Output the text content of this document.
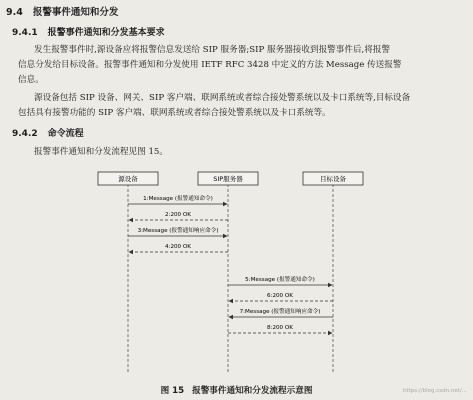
9.4 报警事件通知和分发
9.4.1 报警事件通知和分发基本要求
发生报警事件时,源设备应将报警信息发送给 SIP 服务器;SIP 服务器接收到报警事件后,将报警
信息分发给目标设备。报警事件通知和分发使用 IETF RFC 3428 中定义的方法 Message 传送报警
信息。
源设备包括 SIP 设备、网关、SIP 客户端、联网系统或者综合接处警系统以及卡口系统等,目标设备
包括具有接警功能的 SIP 客户端、联网系统或者综合接处警系统以及卡口系统等。
9.4.2 命令流程
报警事件通知和分发流程见图 15。
源设备	SIP服务器	目标设备
1:Message (报警通知命令)
2:200 OK
3:Message (报警通知响应命令)
4:200 OK
5:Message (报警通知命令)
6:200 OK
7:Message (报警通知响应命令)
8:200 OK
图 15 报警事件通知和分发流程示意图	https://blog.csdn.net/...
